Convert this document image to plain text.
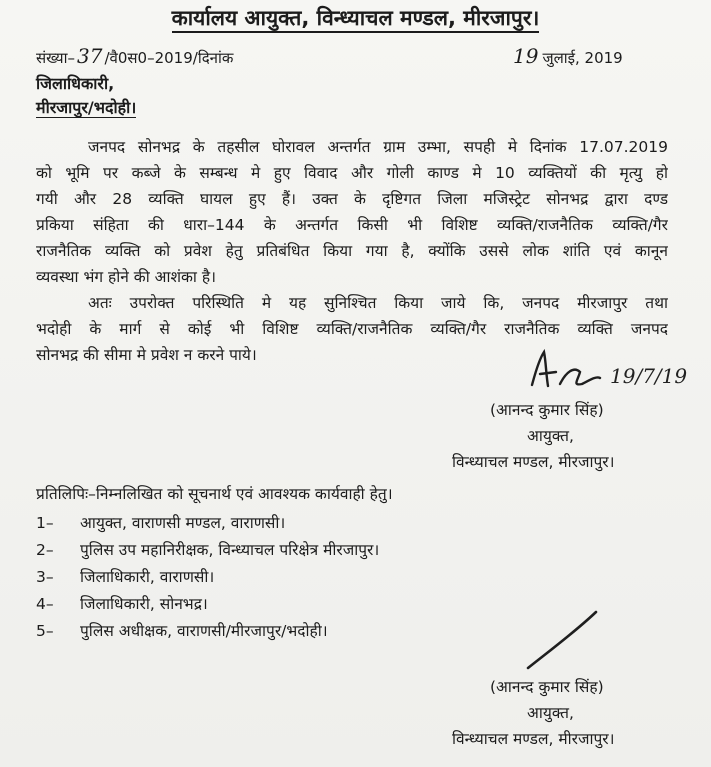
कार्यालय आयुक्त, विन्ध्याचल मण्डल, मीरजापुर।
संख्या– 37 /वै0स0–2019/दिनांक	19 जुलाई, 2019
जिलाधिकारी,
मीरजापुर/भदोही।
जनपद सोनभद्र के तहसील घोरावल अन्तर्गत ग्राम उम्भा, सपही मे दिनांक 17.07.2019
को भूमि पर कब्जे के सम्बन्ध मे हुए विवाद और गोली काण्ड मे 10 व्यक्तियों की मृत्यु हो
गयी और 28 व्यक्ति घायल हुए हैं। उक्त के दृष्टिगत जिला मजिस्ट्रेट सोनभद्र द्वारा दण्ड
प्रकिया संहिता की धारा–144 के अन्तर्गत किसी भी विशिष्ट व्यक्ति/राजनैतिक व्यक्ति/गैर
राजनैतिक व्यक्ति को प्रवेश हेतु प्रतिबंधित किया गया है, क्योंकि उससे लोक शांति एवं कानून
व्यवस्था भंग होने की आशंका है।
अतः उपरोक्त परिस्थिति मे यह सुनिश्चित किया जाये कि, जनपद मीरजापुर तथा
भदोही के मार्ग से कोई भी विशिष्ट व्यक्ति/राजनैतिक व्यक्ति/गैर राजनैतिक व्यक्ति जनपद
सोनभद्र की सीमा मे प्रवेश न करने पाये।
19/7/19
(आनन्द कुमार सिंह)
आयुक्त,
विन्ध्याचल मण्डल, मीरजापुर।
प्रतिलिपिः–निम्नलिखित को सूचनार्थ एवं आवश्यक कार्यवाही हेतु।
1– आयुक्त, वाराणसी मण्डल, वाराणसी।
2– पुलिस उप महानिरीक्षक, विन्ध्याचल परिक्षेत्र मीरजापुर।
3– जिलाधिकारी, वाराणसी।
4– जिलाधिकारी, सोनभद्र।
5– पुलिस अधीक्षक, वाराणसी/मीरजापुर/भदोही।
(आनन्द कुमार सिंह)
आयुक्त,
विन्ध्याचल मण्डल, मीरजापुर।
